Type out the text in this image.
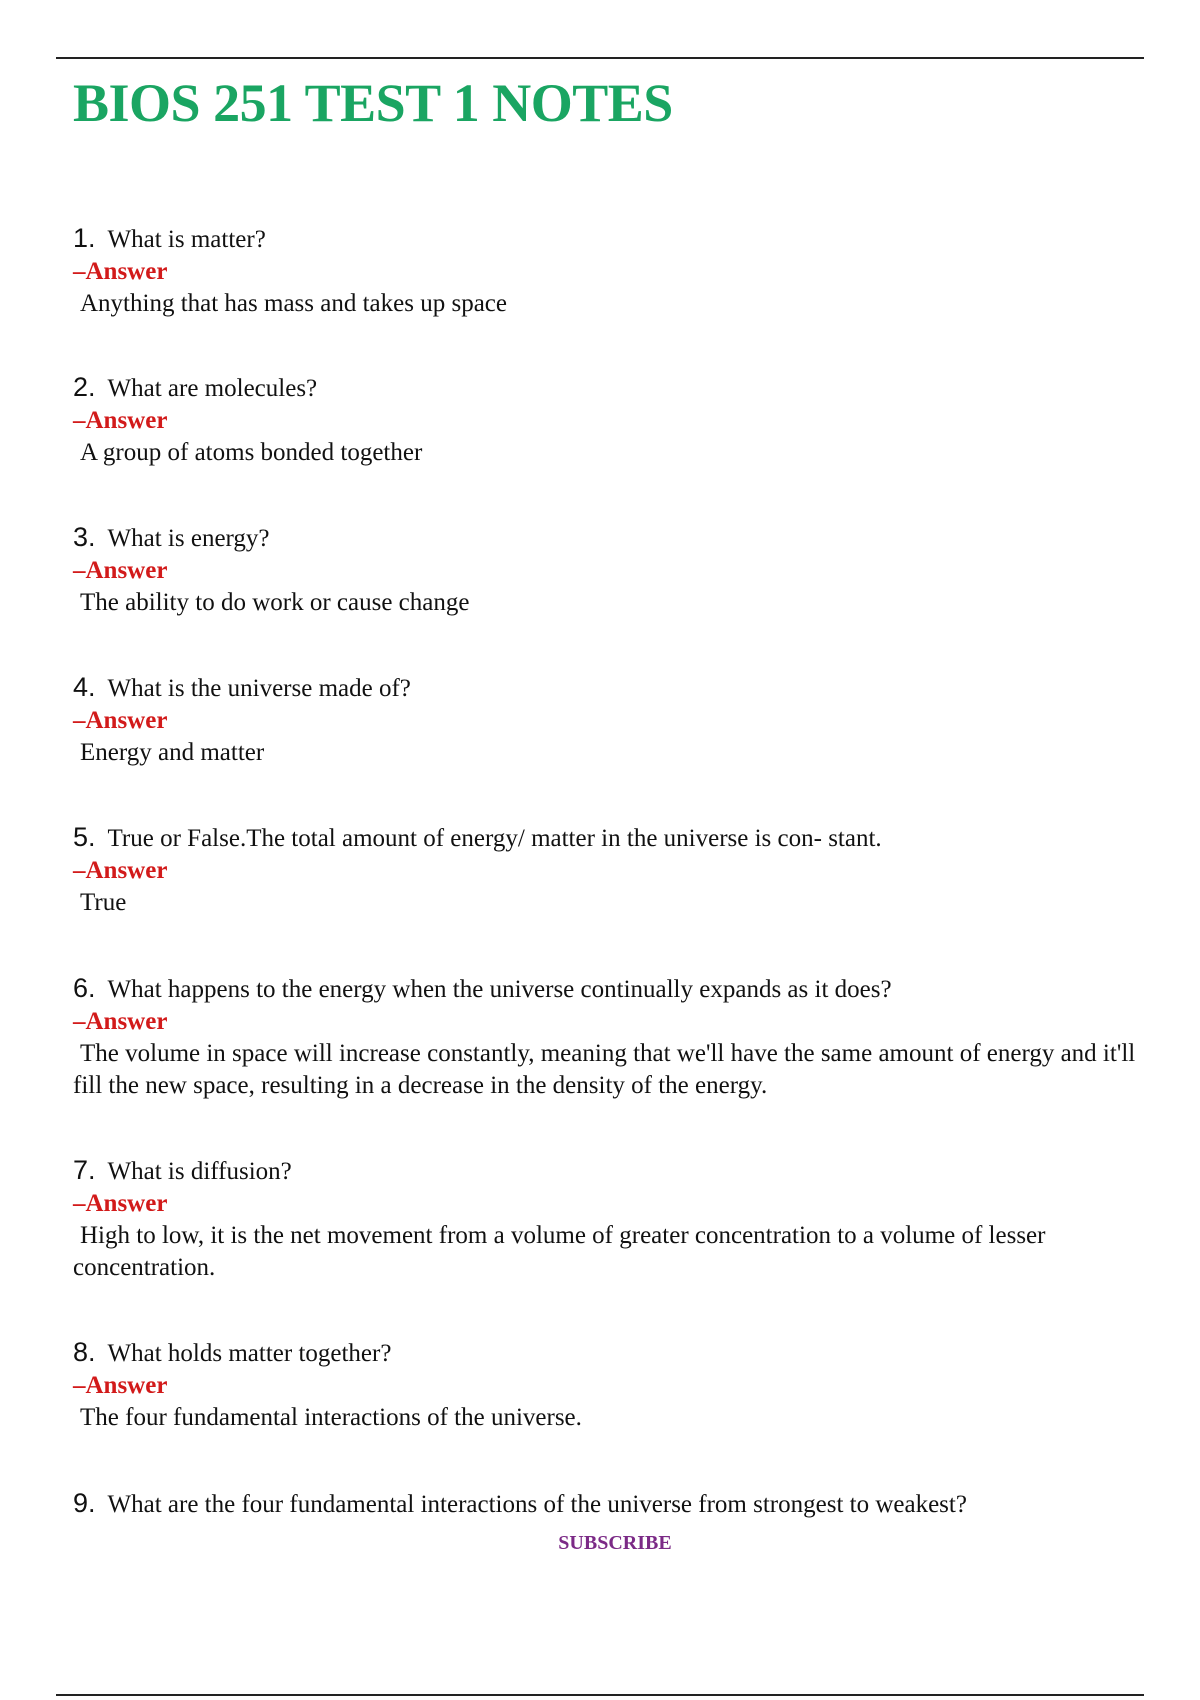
BIOS 251 TEST 1 NOTES
1. What is matter?
–Answer
Anything that has mass and takes up space
2. What are molecules?
–Answer
A group of atoms bonded together
3. What is energy?
–Answer
The ability to do work or cause change
4. What is the universe made of?
–Answer
Energy and matter
5. True or False.The total amount of energy/ matter in the universe is con- stant.
–Answer
True
6. What happens to the energy when the universe continually expands as it does?
–Answer
The volume in space will increase constantly, meaning that we'll have the same amount of energy and it'll fill the new space, resulting in a decrease in the density of the energy.
7. What is diffusion?
–Answer
High to low, it is the net movement from a volume of greater concentration to a volume of lesser concentration.
8. What holds matter together?
–Answer
The four fundamental interactions of the universe.
9. What are the four fundamental interactions of the universe from strongest to weakest?
SUBSCRIBE
